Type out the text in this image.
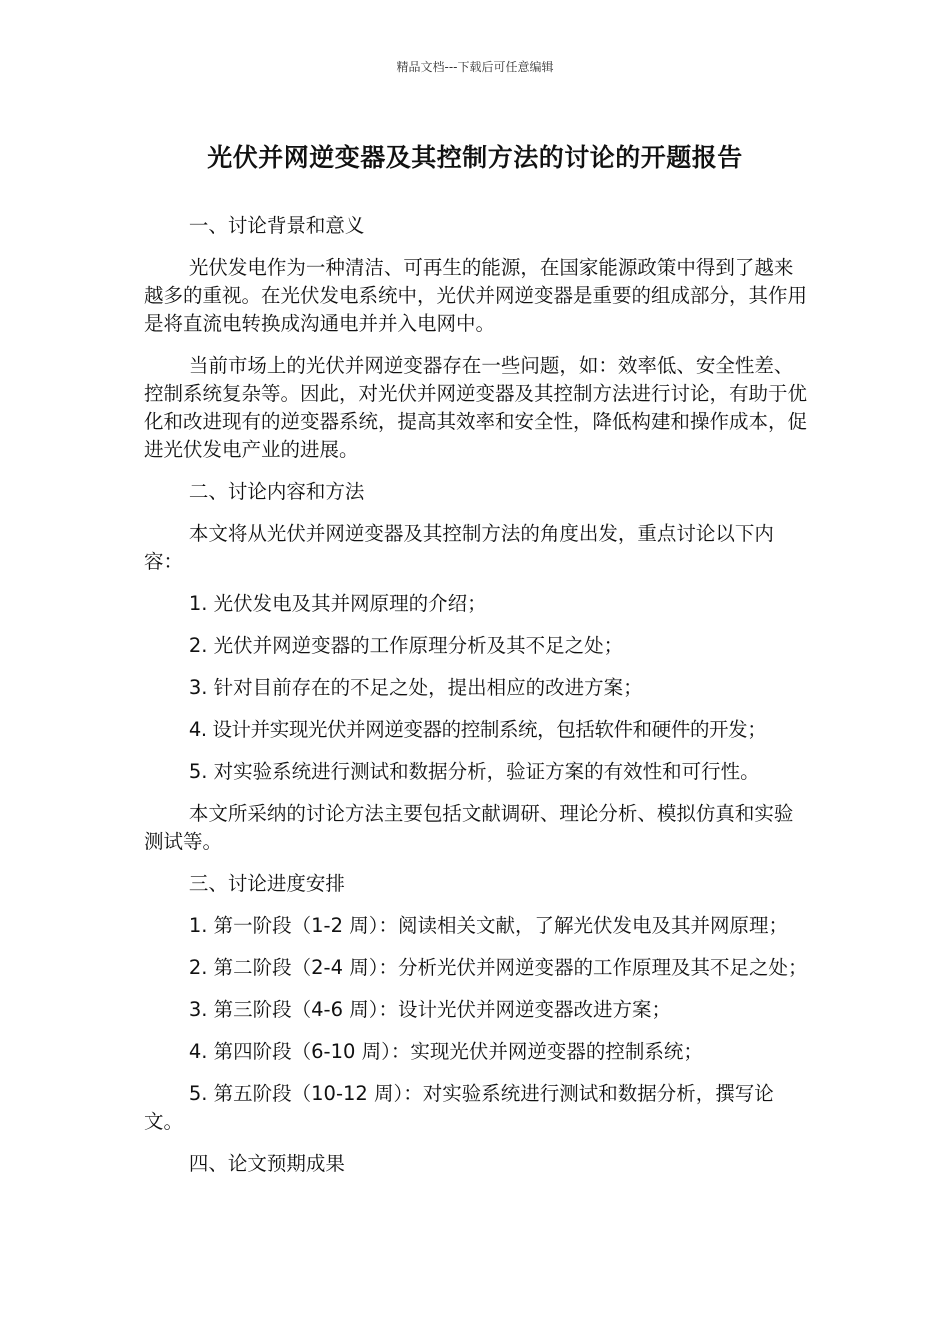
精品文档---下载后可任意编辑
光伏并网逆变器及其控制方法的讨论的开题报告

一、讨论背景和意义

光伏发电作为一种清洁、可再生的能源，在国家能源政策中得到了越来越多的重视。在光伏发电系统中，光伏并网逆变器是重要的组成部分，其作用是将直流电转换成沟通电并并入电网中。

当前市场上的光伏并网逆变器存在一些问题，如：效率低、安全性差、控制系统复杂等。因此，对光伏并网逆变器及其控制方法进行讨论，有助于优化和改进现有的逆变器系统，提高其效率和安全性，降低构建和操作成本，促进光伏发电产业的进展。

二、讨论内容和方法

本文将从光伏并网逆变器及其控制方法的角度出发，重点讨论以下内容：

1. 光伏发电及其并网原理的介绍；

2. 光伏并网逆变器的工作原理分析及其不足之处；

3. 针对目前存在的不足之处，提出相应的改进方案；

4. 设计并实现光伏并网逆变器的控制系统，包括软件和硬件的开发；

5. 对实验系统进行测试和数据分析，验证方案的有效性和可行性。

本文所采纳的讨论方法主要包括文献调研、理论分析、模拟仿真和实验测试等。

三、讨论进度安排

1. 第一阶段（1-2 周）：阅读相关文献，了解光伏发电及其并网原理；

2. 第二阶段（2-4 周）：分析光伏并网逆变器的工作原理及其不足之处；

3. 第三阶段（4-6 周）：设计光伏并网逆变器改进方案；

4. 第四阶段（6-10 周）：实现光伏并网逆变器的控制系统；

5. 第五阶段（10-12 周）：对实验系统进行测试和数据分析，撰写论文。

四、论文预期成果
